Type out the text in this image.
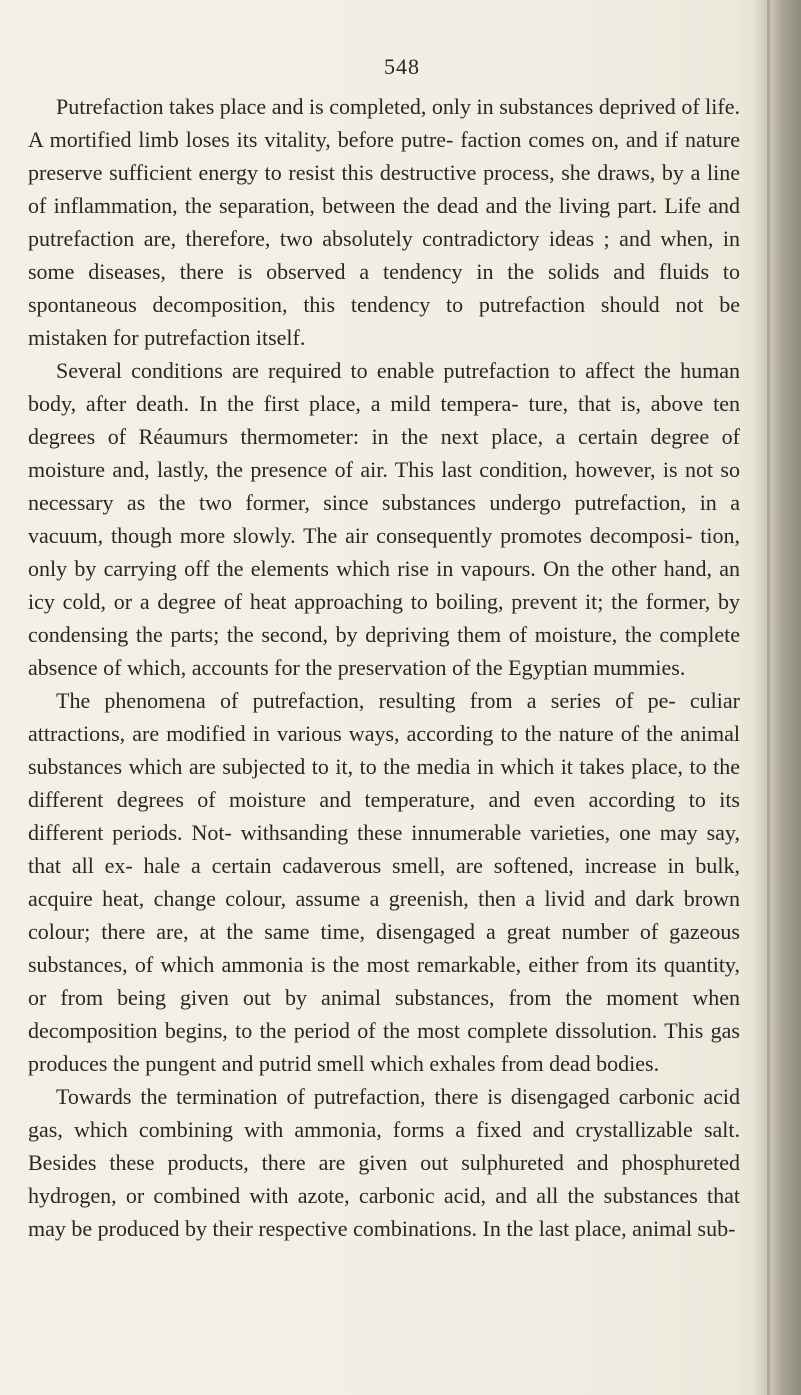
548

Putrefaction takes place and is completed, only in substances deprived of life. A mortified limb loses its vitality, before putre- faction comes on, and if nature preserve sufficient energy to resist this destructive process, she draws, by a line of inflammation, the separation, between the dead and the living part. Life and putrefaction are, therefore, two absolutely contradictory ideas ; and when, in some diseases, there is observed a tendency in the solids and fluids to spontaneous decomposition, this tendency to putrefaction should not be mistaken for putrefaction itself.

Several conditions are required to enable putrefaction to affect the human body, after death. In the first place, a mild tempera- ture, that is, above ten degrees of Réaumurs thermometer: in the next place, a certain degree of moisture and, lastly, the presence of air. This last condition, however, is not so necessary as the two former, since substances undergo putrefaction, in a vacuum, though more slowly. The air consequently promotes decomposi- tion, only by carrying off the elements which rise in vapours. On the other hand, an icy cold, or a degree of heat approaching to boiling, prevent it; the former, by condensing the parts; the second, by depriving them of moisture, the complete absence of which, accounts for the preservation of the Egyptian mummies.

The phenomena of putrefaction, resulting from a series of pe- culiar attractions, are modified in various ways, according to the nature of the animal substances which are subjected to it, to the media in which it takes place, to the different degrees of moisture and temperature, and even according to its different periods. Not- withsanding these innumerable varieties, one may say, that all ex- hale a certain cadaverous smell, are softened, increase in bulk, acquire heat, change colour, assume a greenish, then a livid and dark brown colour; there are, at the same time, disengaged a great number of gazeous substances, of which ammonia is the most remarkable, either from its quantity, or from being given out by animal substances, from the moment when decomposition begins, to the period of the most complete dissolution. This gas produces the pungent and putrid smell which exhales from dead bodies.

Towards the termination of putrefaction, there is disengaged carbonic acid gas, which combining with ammonia, forms a fixed and crystallizable salt. Besides these products, there are given out sulphureted and phosphureted hydrogen, or combined with azote, carbonic acid, and all the substances that may be produced by their respective combinations. In the last place, animal sub-
